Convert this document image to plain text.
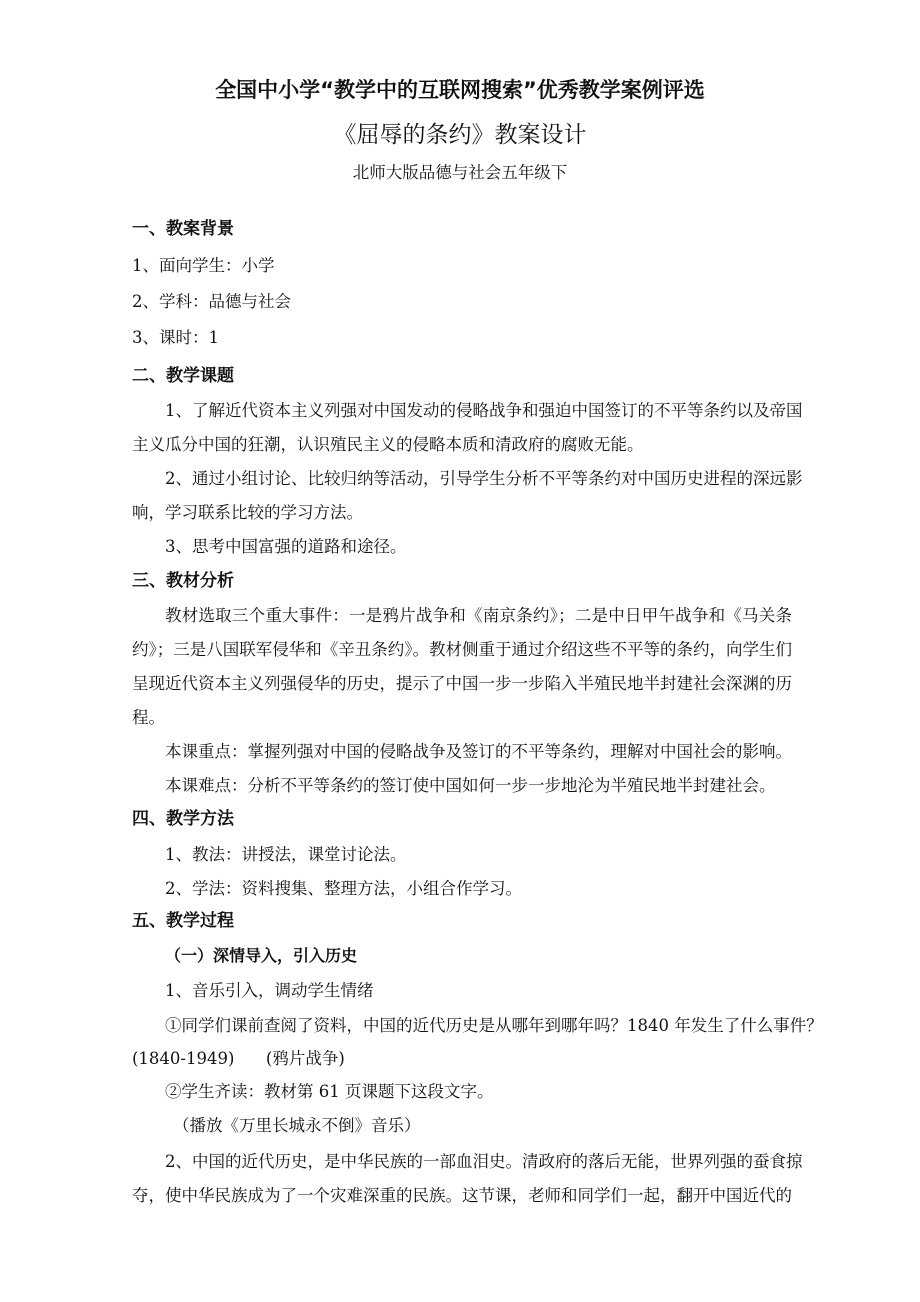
全国中小学“教学中的互联网搜索”优秀教学案例评选
《屈辱的条约》教案设计
北师大版品德与社会五年级下
一、教案背景
1、面向学生：小学
2、学科：品德与社会
3、课时：1
二、教学课题
1、了解近代资本主义列强对中国发动的侵略战争和强迫中国签订的不平等条约以及帝国
主义瓜分中国的狂潮，认识殖民主义的侵略本质和清政府的腐败无能。
2、通过小组讨论、比较归纳等活动，引导学生分析不平等条约对中国历史进程的深远影
响，学习联系比较的学习方法。
3、思考中国富强的道路和途径。
三、教材分析
教材选取三个重大事件：一是鸦片战争和《南京条约》；二是中日甲午战争和《马关条
约》；三是八国联军侵华和《辛丑条约》。教材侧重于通过介绍这些不平等的条约，向学生们
呈现近代资本主义列强侵华的历史，提示了中国一步一步陷入半殖民地半封建社会深渊的历
程。
本课重点：掌握列强对中国的侵略战争及签订的不平等条约，理解对中国社会的影响。
本课难点：分析不平等条约的签订使中国如何一步一步地沦为半殖民地半封建社会。
四、教学方法
1、教法：讲授法，课堂讨论法。
2、学法：资料搜集、整理方法，小组合作学习。
五、教学过程
（一）深情导入，引入历史
1、音乐引入，调动学生情绪
①同学们课前查阅了资料，中国的近代历史是从哪年到哪年吗？1840 年发生了什么事件？
(1840-1949)      (鸦片战争)
②学生齐读：教材第 61 页课题下这段文字。
（播放《万里长城永不倒》音乐）
2、中国的近代历史，是中华民族的一部血泪史。清政府的落后无能，世界列强的蚕食掠
夺，使中华民族成为了一个灾难深重的民族。这节课，老师和同学们一起，翻开中国近代的
